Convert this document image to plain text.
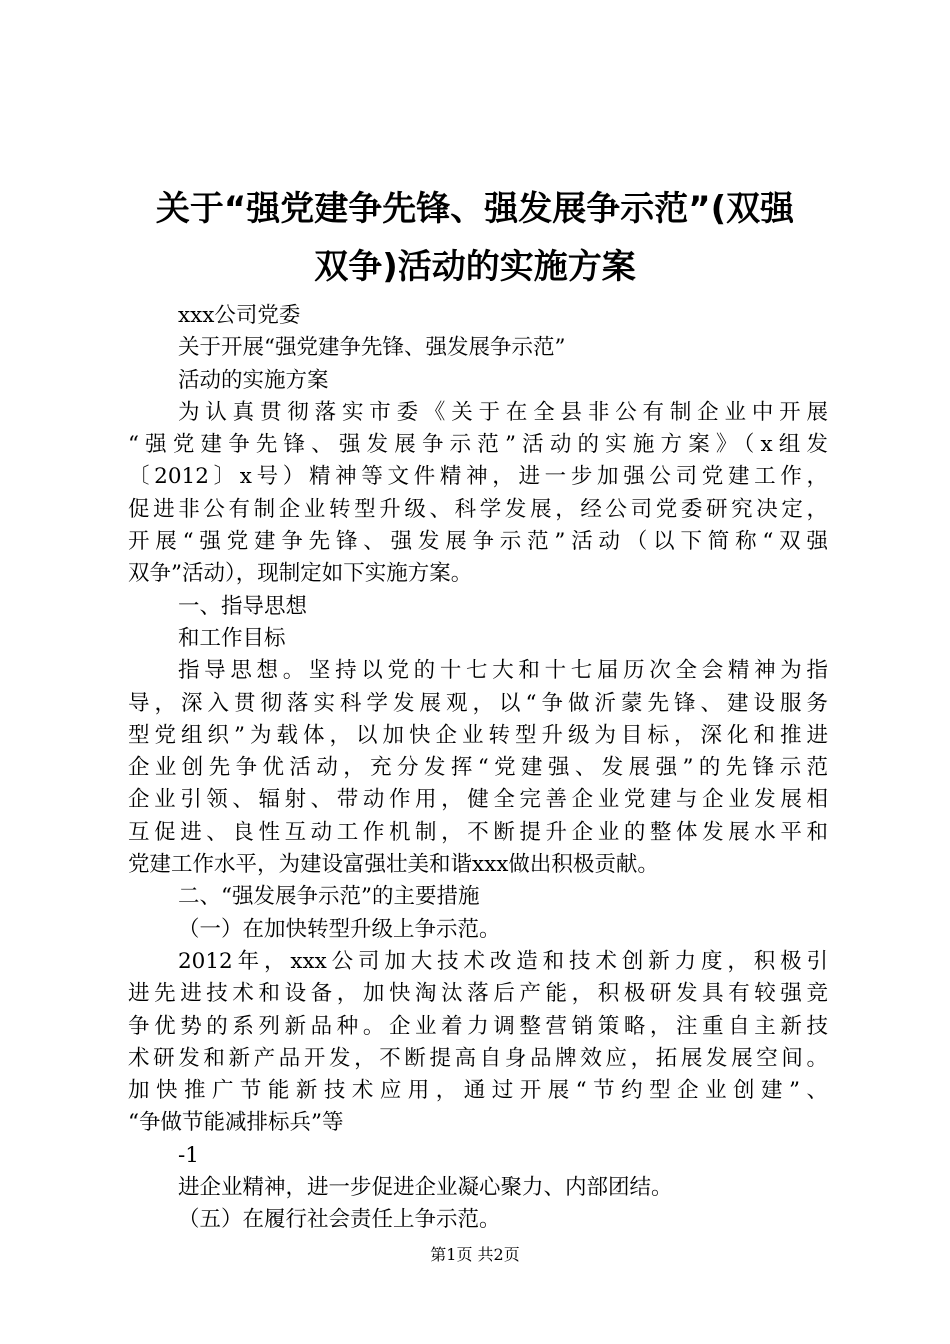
关于“强党建争先锋、强发展争示范”(双强
双争)活动的实施方案
xxx公司党委
关于开展“强党建争先锋、强发展争示范”
活动的实施方案
为认真贯彻落实市委《关于在全县非公有制企业中开展
“强党建争先锋、强发展争示范”活动的实施方案》（x组发
〔2012〕x号）精神等文件精神，进一步加强公司党建工作，
促进非公有制企业转型升级、科学发展，经公司党委研究决定，
开展“强党建争先锋、强发展争示范”活动（以下简称“双强
双争”活动），现制定如下实施方案。
一、指导思想
和工作目标
指导思想。坚持以党的十七大和十七届历次全会精神为指
导，深入贯彻落实科学发展观，以“争做沂蒙先锋、建设服务
型党组织”为载体，以加快企业转型升级为目标，深化和推进
企业创先争优活动，充分发挥“党建强、发展强”的先锋示范
企业引领、辐射、带动作用，健全完善企业党建与企业发展相
互促进、良性互动工作机制，不断提升企业的整体发展水平和
党建工作水平，为建设富强壮美和谐xxx做出积极贡献。
二、“强发展争示范”的主要措施
（一）在加快转型升级上争示范。
2012年，xxx公司加大技术改造和技术创新力度，积极引
进先进技术和设备，加快淘汰落后产能，积极研发具有较强竞
争优势的系列新品种。企业着力调整营销策略，注重自主新技
术研发和新产品开发，不断提高自身品牌效应，拓展发展空间。
加快推广节能新技术应用，通过开展“节约型企业创建”、
“争做节能减排标兵”等
-1
进企业精神，进一步促进企业凝心聚力、内部团结。
（五）在履行社会责任上争示范。
第1页 共2页
